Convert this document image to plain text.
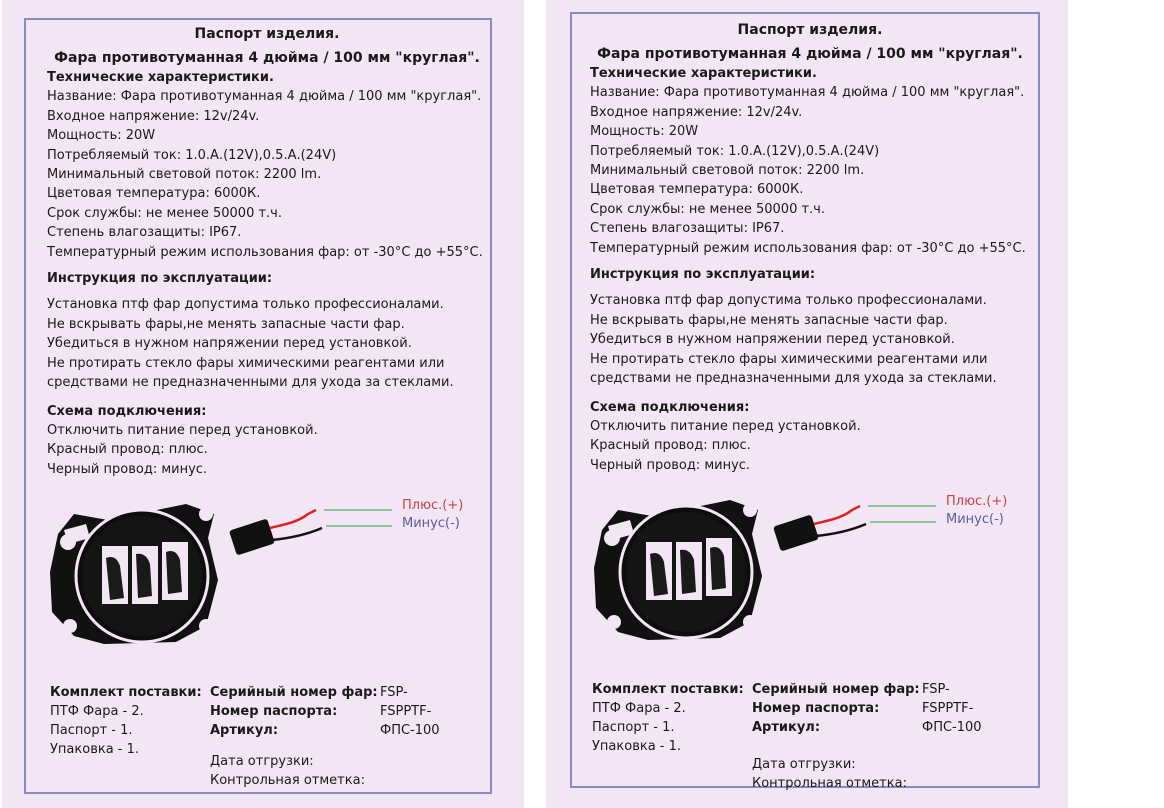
Паспорт изделия.
Фара противотуманная 4 дюйма / 100 мм "круглая".
Технические характеристики.
Название: Фара противотуманная 4 дюйма / 100 мм "круглая".
Входное напряжение: 12v/24v.
Мощность: 20W
Потребляемый ток: 1.0.А.(12V),0.5.А.(24V)
Минимальный световой поток: 2200 lm.
Цветовая температура: 6000К.
Срок службы: не менее 50000 т.ч.
Степень влагозащиты: IP67.
Температурный режим использования фар: от -30°C до +55°C.
Инструкция по эксплуатации:
Установка птф фар допустима только профессионалами.
Не вскрывать фары,не менять запасные части фар.
Убедиться в нужном напряжении перед установкой.
Не протирать стекло фары химическими реагентами или
средствами не предназначенными для ухода за стеклами.
Схема подключения:
Отключить питание перед установкой.
Красный провод: плюс.
Черный провод: минус.
Плюс.(+)
Минус(-)
Комплект поставки:
ПТФ Фара - 2.
Паспорт - 1.
Упаковка - 1.
Серийный номер фар:
Номер паспорта:
Артикул:
Дата отгрузки:
Контрольная отметка:
FSP-
FSPPTF-
ФПС-100
Паспорт изделия.
Фара противотуманная 4 дюйма / 100 мм "круглая".
Технические характеристики.
Название: Фара противотуманная 4 дюйма / 100 мм "круглая".
Входное напряжение: 12v/24v.
Мощность: 20W
Потребляемый ток: 1.0.А.(12V),0.5.А.(24V)
Минимальный световой поток: 2200 lm.
Цветовая температура: 6000К.
Срок службы: не менее 50000 т.ч.
Степень влагозащиты: IP67.
Температурный режим использования фар: от -30°C до +55°C.
Инструкция по эксплуатации:
Установка птф фар допустима только профессионалами.
Не вскрывать фары,не менять запасные части фар.
Убедиться в нужном напряжении перед установкой.
Не протирать стекло фары химическими реагентами или
средствами не предназначенными для ухода за стеклами.
Схема подключения:
Отключить питание перед установкой.
Красный провод: плюс.
Черный провод: минус.
Плюс.(+)
Минус(-)
Комплект поставки:
ПТФ Фара - 2.
Паспорт - 1.
Упаковка - 1.
Серийный номер фар:
Номер паспорта:
Артикул:
Дата отгрузки:
Контрольная отметка:
FSP-
FSPPTF-
ФПС-100
